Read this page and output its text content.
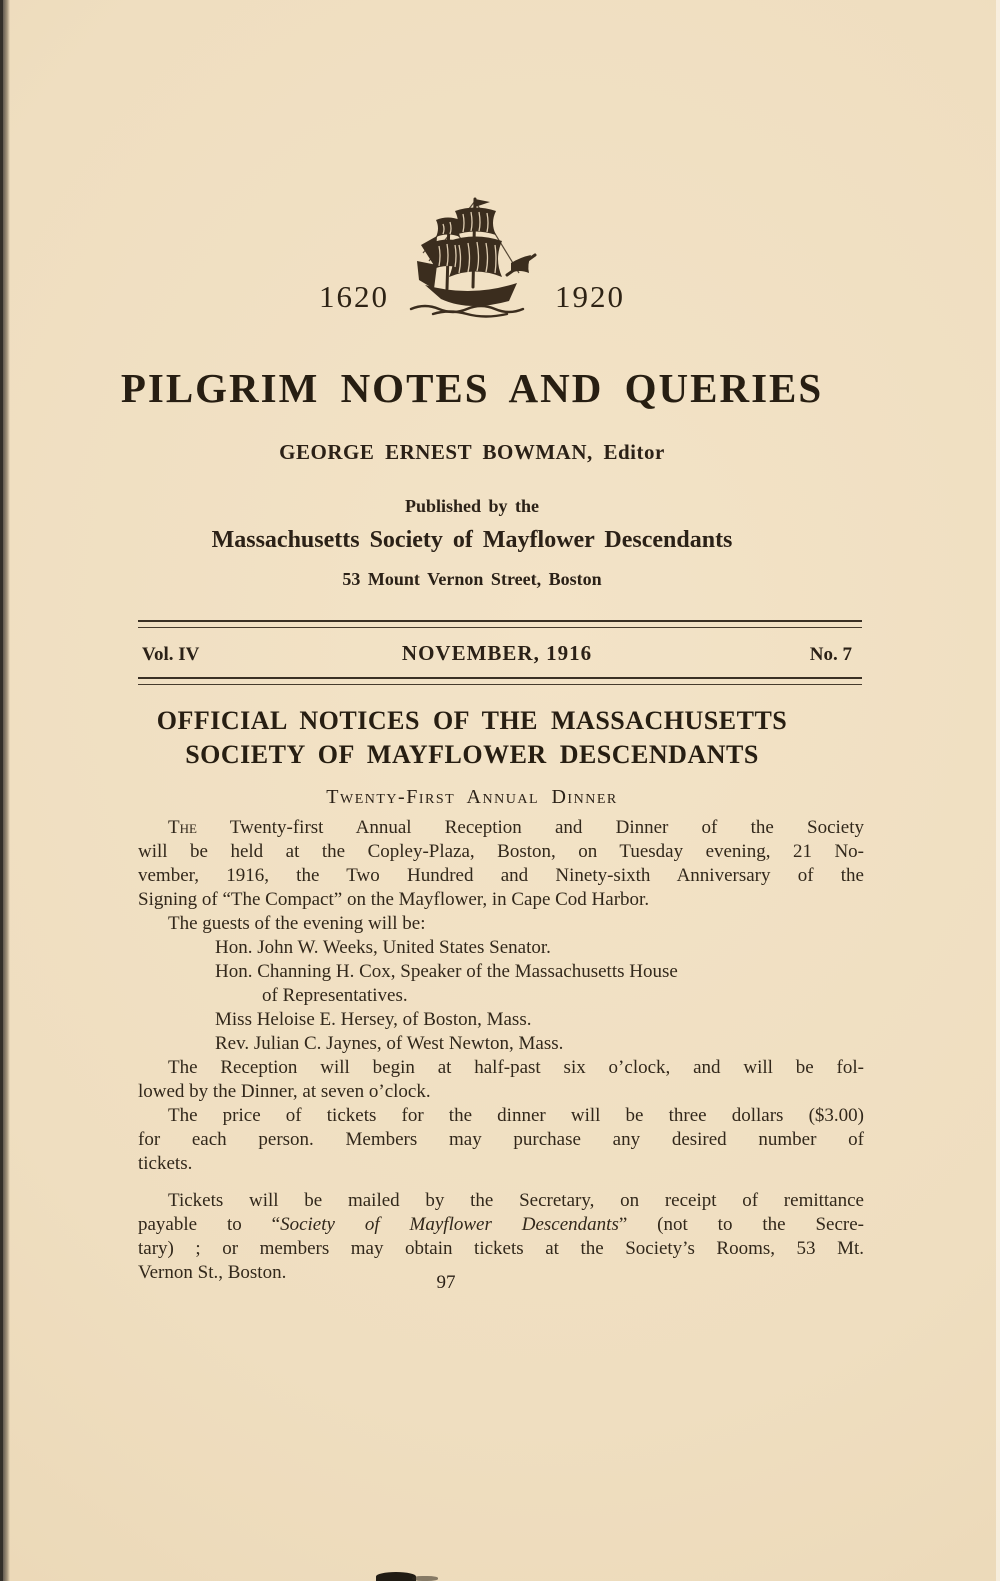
1620	1920
PILGRIM NOTES AND QUERIES
GEORGE ERNEST BOWMAN, Editor
Published by the
Massachusetts Society of Mayflower Descendants
53 Mount Vernon Street, Boston
Vol. IV	NOVEMBER, 1916	No. 7
OFFICIAL NOTICES OF THE MASSACHUSETTS
SOCIETY OF MAYFLOWER DESCENDANTS
Twenty-First Annual Dinner
The Twenty-first Annual Reception and Dinner of the Society
will be held at the Copley-Plaza, Boston, on Tuesday evening, 21 No-
vember, 1916, the Two Hundred and Ninety-sixth Anniversary of the
Signing of “The Compact” on the Mayflower, in Cape Cod Harbor.
The guests of the evening will be:
Hon. John W. Weeks, United States Senator.
Hon. Channing H. Cox, Speaker of the Massachusetts House
of Representatives.
Miss Heloise E. Hersey, of Boston, Mass.
Rev. Julian C. Jaynes, of West Newton, Mass.
The Reception will begin at half-past six o’clock, and will be fol-
lowed by the Dinner, at seven o’clock.
The price of tickets for the dinner will be three dollars ($3.00)
for each person. Members may purchase any desired number of
tickets.
Tickets will be mailed by the Secretary, on receipt of remittance
payable to “Society of Mayflower Descendants” (not to the Secre-
tary) ; or members may obtain tickets at the Society’s Rooms, 53 Mt.
Vernon St., Boston.	97
